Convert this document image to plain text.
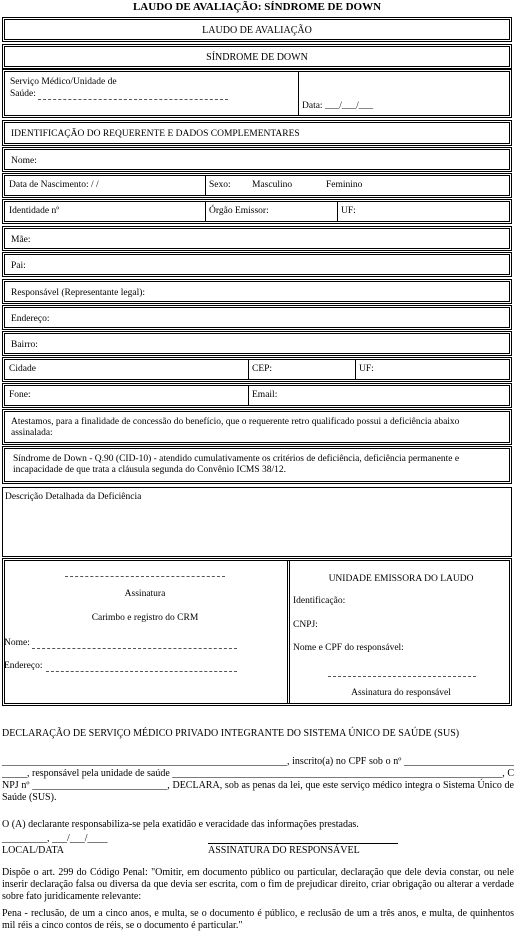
LAUDO DE AVALIAÇÃO: SÍNDROME DE DOWN
LAUDO DE AVALIAÇÃO
SÍNDROME DE DOWN
Serviço Médico/Unidade de
Saúde:
Data: ___/___/___
IDENTIFICAÇÃO DO REQUERENTE E DADOS COMPLEMENTARES
Nome:
Data de Nascimento: / /	Sexo: Masculino	Feminino
Identidade nº	Órgão Emissor:	UF:
Mãe:
Pai:
Responsável (Representante legal):
Endereço:
Bairro:
Cidade	CEP:	UF:
Fone:	Email:
Atestamos, para a finalidade de concessão do benefício, que o requerente retro qualificado possui a deficiência abaixo assinalada:
Síndrome de Down - Q.90 (CID-10) - atendido cumulativamente os critérios de deficiência, deficiência permanente e incapacidade de que trata a cláusula segunda do Convênio ICMS 38/12.
Descrição Detalhada da Deficiência
Assinatura
Carimbo e registro do CRM
Nome:
Endereço:
UNIDADE EMISSORA DO LAUDO
Identificação:
CNPJ:
Nome e CPF do responsável:
Assinatura do responsável
DECLARAÇÃO DE SERVIÇO MÉDICO PRIVADO INTEGRANTE DO SISTEMA ÚNICO DE SAÚDE (SUS)
_________________________________________________________, inscrito(a) no CPF sob o nº ___________________________, responsável pela unidade de saúde __________________________________________________________________, CNPJ nº ___________________________, DECLARA, sob as penas da lei, que este serviço médico integra o Sistema Único de Saúde (SUS).
O (A) declarante responsabiliza-se pela exatidão e veracidade das informações prestadas.
_________, ___/___/____
LOCAL/DATA	ASSINATURA DO RESPONSÁVEL
Dispõe o art. 299 do Código Penal: "Omitir, em documento público ou particular, declaração que dele devia constar, ou nele inserir declaração falsa ou diversa da que devia ser escrita, com o fim de prejudicar direito, criar obrigação ou alterar a verdade sobre fato juridicamente relevante:
Pena - reclusão, de um a cinco anos, e multa, se o documento é público, e reclusão de um a três anos, e multa, de quinhentos mil réis a cinco contos de réis, se o documento é particular."
